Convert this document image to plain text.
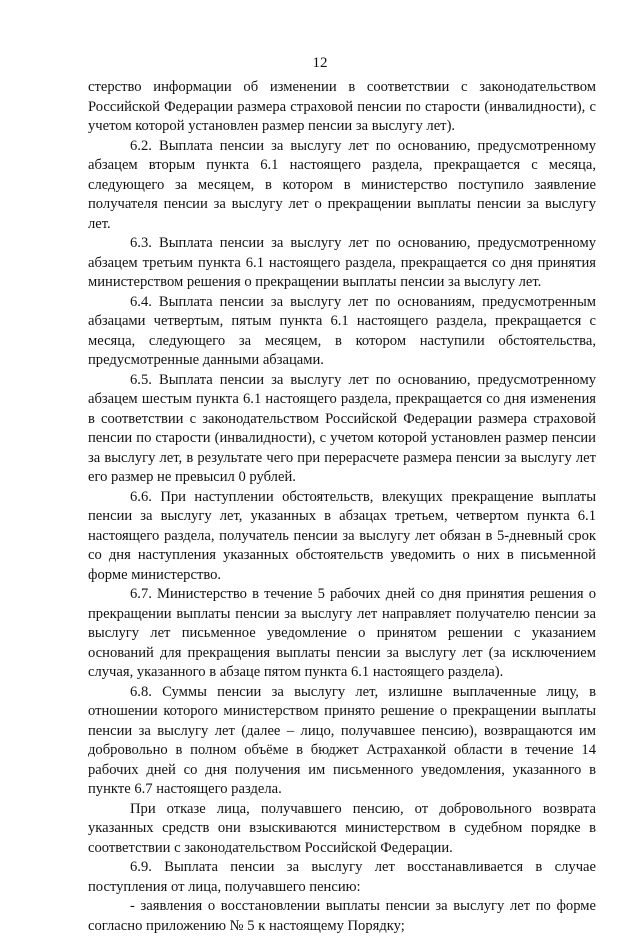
12

стерство информации об изменении в соответствии с законодательством Российской Федерации размера страховой пенсии по старости (инвалидности), с учетом которой установлен размер пенсии за выслугу лет).

6.2. Выплата пенсии за выслугу лет по основанию, предусмотренному абзацем вторым пункта 6.1 настоящего раздела, прекращается с месяца, следующего за месяцем, в котором в министерство поступило заявление получателя пенсии за выслугу лет о прекращении выплаты пенсии за выслугу лет.

6.3. Выплата пенсии за выслугу лет по основанию, предусмотренному абзацем третьим пункта 6.1 настоящего раздела, прекращается со дня принятия министерством решения о прекращении выплаты пенсии за выслугу лет.

6.4. Выплата пенсии за выслугу лет по основаниям, предусмотренным абзацами четвертым, пятым пункта 6.1 настоящего раздела, прекращается с месяца, следующего за месяцем, в котором наступили обстоятельства, предусмотренные данными абзацами.

6.5. Выплата пенсии за выслугу лет по основанию, предусмотренному абзацем шестым пункта 6.1 настоящего раздела, прекращается со дня изменения в соответствии с законодательством Российской Федерации размера страховой пенсии по старости (инвалидности), с учетом которой установлен размер пенсии за выслугу лет, в результате чего при перерасчете размера пенсии за выслугу лет его размер не превысил 0 рублей.

6.6. При наступлении обстоятельств, влекущих прекращение выплаты пенсии за выслугу лет, указанных в абзацах третьем, четвертом пункта 6.1 настоящего раздела, получатель пенсии за выслугу лет обязан в 5-дневный срок со дня наступления указанных обстоятельств уведомить о них в письменной форме министерство.

6.7. Министерство в течение 5 рабочих дней со дня принятия решения о прекращении выплаты пенсии за выслугу лет направляет получателю пенсии за выслугу лет письменное уведомление о принятом решении с указанием оснований для прекращения выплаты пенсии за выслугу лет (за исключением случая, указанного в абзаце пятом пункта 6.1 настоящего раздела).

6.8. Суммы пенсии за выслугу лет, излишне выплаченные лицу, в отношении которого министерством принято решение о прекращении выплаты пенсии за выслугу лет (далее – лицо, получавшее пенсию), возвращаются им добровольно в полном объёме в бюджет Астраханкой области в течение 14 рабочих дней со дня получения им письменного уведомления, указанного в пункте 6.7 настоящего раздела.

При отказе лица, получавшего пенсию, от добровольного возврата указанных средств они взыскиваются министерством в судебном порядке в соответствии с законодательством Российской Федерации.

6.9. Выплата пенсии за выслугу лет восстанавливается в случае поступления от лица, получавшего пенсию:

- заявления о восстановлении выплаты пенсии за выслугу лет по форме согласно приложению № 5 к настоящему Порядку;
